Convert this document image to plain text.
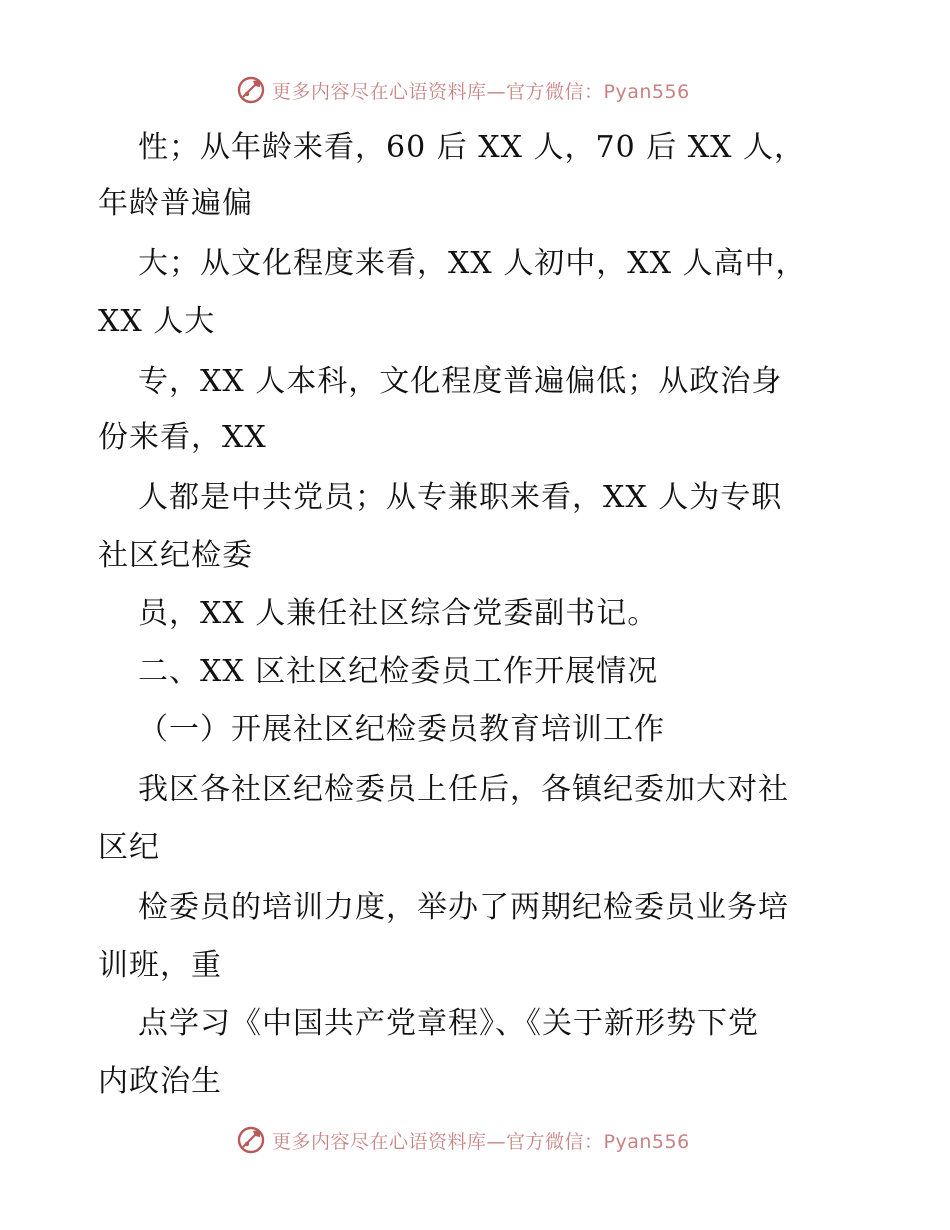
更多内容尽在心语资料库—官方微信：Pyan556
性；从年龄来看，60 后 XX 人，70 后 XX 人，
年龄普遍偏
大；从文化程度来看，XX 人初中，XX 人高中，
XX 人大
专，XX 人本科，文化程度普遍偏低；从政治身
份来看，XX
人都是中共党员；从专兼职来看，XX 人为专职
社区纪检委
员，XX 人兼任社区综合党委副书记。
二、XX 区社区纪检委员工作开展情况
（一）开展社区纪检委员教育培训工作
我区各社区纪检委员上任后，各镇纪委加大对社
区纪
检委员的培训力度，举办了两期纪检委员业务培
训班，重
点学习《中国共产党章程》、《关于新形势下党
内政治生
更多内容尽在心语资料库—官方微信：Pyan556
